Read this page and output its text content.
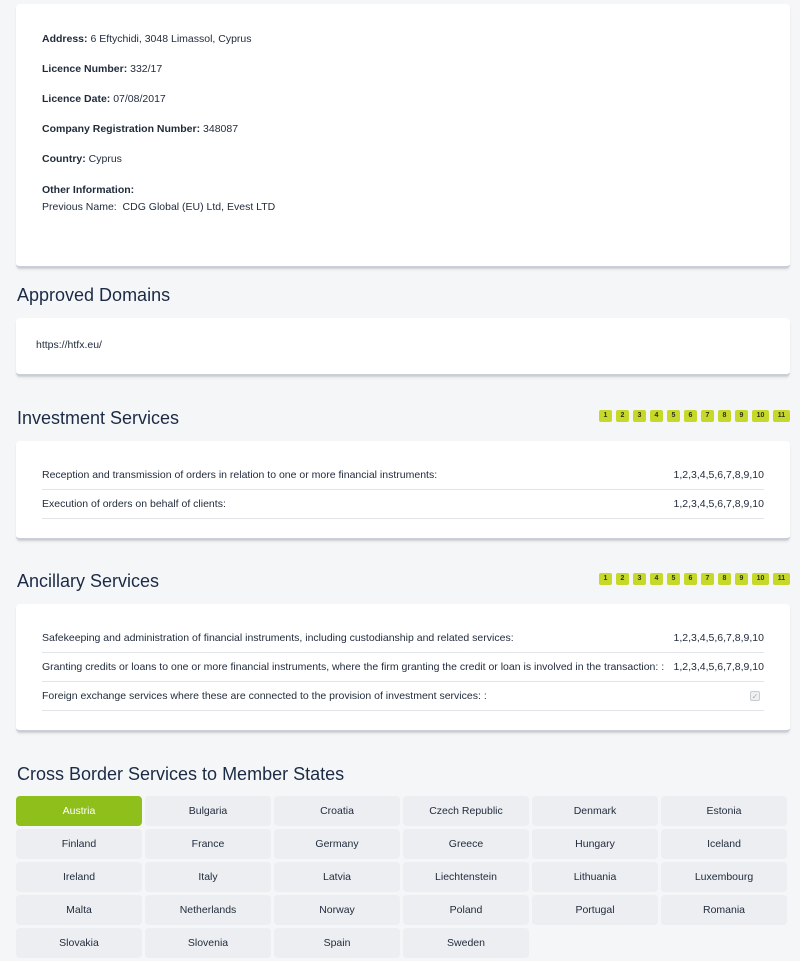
Address: 6 Eftychidi, 3048 Limassol, Cyprus
Licence Number: 332/17
Licence Date: 07/08/2017
Company Registration Number: 348087
Country: Cyprus
Other Information:
Previous Name:  CDG Global (EU) Ltd, Evest LTD
Approved Domains
https://htfx.eu/
Investment Services	1	2	3	4	5	6	7	8	9	10	11
Reception and transmission of orders in relation to one or more financial instruments:	1,2,3,4,5,6,7,8,9,10
Execution of orders on behalf of clients:	1,2,3,4,5,6,7,8,9,10
Ancillary Services	1	2	3	4	5	6	7	8	9	10	11
Safekeeping and administration of financial instruments, including custodianship and related services:	1,2,3,4,5,6,7,8,9,10
Granting credits or loans to one or more financial instruments, where the firm granting the credit or loan is involved in the transaction: : 1,2,3,4,5,6,7,8,9,10
Foreign exchange services where these are connected to the provision of investment services: :	✓
Cross Border Services to Member States
Austria	Bulgaria	Croatia	Czech Republic	Denmark	Estonia
Finland	France	Germany	Greece	Hungary	Iceland
Ireland	Italy	Latvia	Liechtenstein	Lithuania	Luxembourg
Malta	Netherlands	Norway	Poland	Portugal	Romania
Slovakia	Slovenia	Spain	Sweden
